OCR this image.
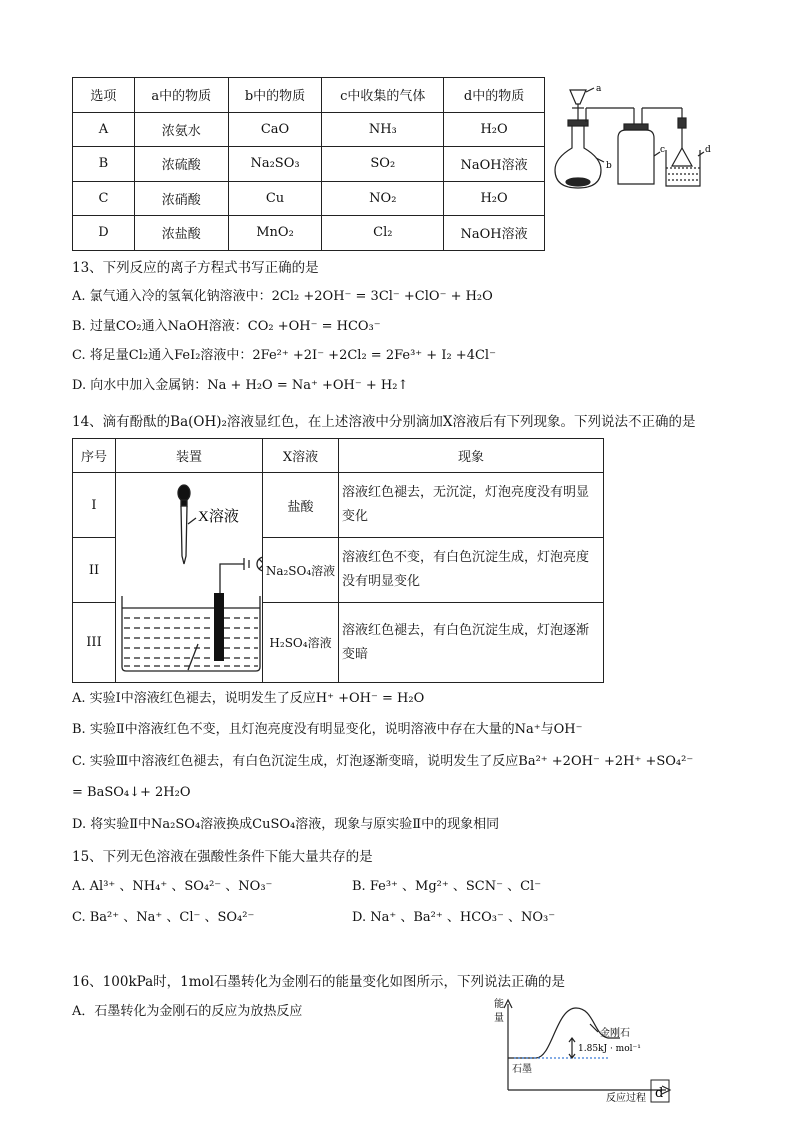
选项	a中的物质	b中的物质	c中收集的气体	d中的物质
A	浓氨水	CaO	NH₃	H₂O
B	浓硫酸	Na₂SO₃	SO₂	NaOH溶液
C	浓硝酸	Cu	NO₂	H₂O
D	浓盐酸	MnO₂	Cl₂	NaOH溶液
a
b
c	d
13、下列反应的离子方程式书写正确的是
A. 氯气通入冷的氢氧化钠溶液中：2Cl₂ +2OH⁻ = 3Cl⁻ +ClO⁻ + H₂O
B. 过量CO₂通入NaOH溶液：CO₂ +OH⁻ = HCO₃⁻
C. 将足量Cl₂通入FeI₂溶液中：2Fe²⁺ +2I⁻ +2Cl₂ = 2Fe³⁺ + I₂ +4Cl⁻
D. 向水中加入金属钠：Na + H₂O = Na⁺ +OH⁻ + H₂↑
14、滴有酚酞的Ba(OH)₂溶液显红色，在上述溶液中分别滴加X溶液后有下列现象。下列说法不正确的是
序号	装置	X溶液	现象
I	X溶液	盐酸	溶液红色褪去，无沉淀，灯泡亮度没有明显变化
II		Na₂SO₄溶液	溶液红色不变，有白色沉淀生成，灯泡亮度没有明显变化
III		H₂SO₄溶液	溶液红色褪去，有白色沉淀生成，灯泡逐渐变暗
A. 实验Ⅰ中溶液红色褪去，说明发生了反应H⁺ +OH⁻ = H₂O
B. 实验Ⅱ中溶液红色不变，且灯泡亮度没有明显变化，说明溶液中存在大量的Na⁺与OH⁻
C. 实验Ⅲ中溶液红色褪去，有白色沉淀生成，灯泡逐渐变暗，说明发生了反应Ba²⁺ +2OH⁻ +2H⁺ +SO₄²⁻
= BaSO₄↓+ 2H₂O
D. 将实验Ⅱ中Na₂SO₄溶液换成CuSO₄溶液，现象与原实验Ⅱ中的现象相同
15、下列无色溶液在强酸性条件下能大量共存的是
A. Al³⁺ 、NH₄⁺ 、SO₄²⁻ 、NO₃⁻	B. Fe³⁺ 、Mg²⁺ 、SCN⁻ 、Cl⁻
C. Ba²⁺ 、Na⁺ 、Cl⁻ 、SO₄²⁻	D. Na⁺ 、Ba²⁺ 、HCO₃⁻ 、NO₃⁻
16、100kPa时，1mol石墨转化为金刚石的能量变化如图所示，下列说法正确的是
A．石墨转化为金刚石的反应为放热反应	能
量
金刚石
1.85kJ · mol⁻¹
石墨
反应过程 d
